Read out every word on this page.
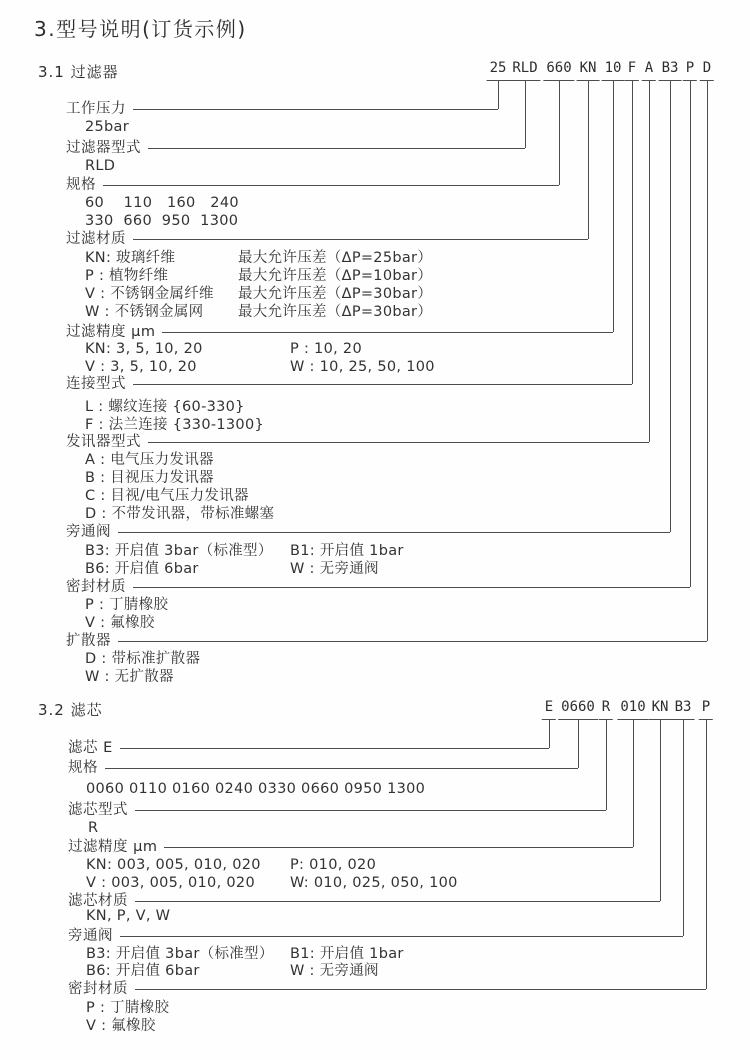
3.型号说明(订货示例)
3.1 过滤器	25 RLD 660 KN 10 F A B3 P D
工作压力
过滤器型式
规格
过滤材质
过滤精度 μm
连接型式
发讯器型式
旁通阀
密封材质
扩散器
25bar
RLD
60    110   160   240
330  660  950  1300
KN: 玻璃纤维	最大允许压差（ΔP=25bar）
P : 植物纤维	最大允许压差（ΔP=10bar）
V : 不锈钢金属纤维 最大允许压差（ΔP=30bar）
W : 不锈钢金属网 最大允许压差（ΔP=30bar）
KN: 3, 5, 10, 20	P : 10, 20
V : 3, 5, 10, 20	W : 10, 25, 50, 100
L : 螺纹连接 {60-330}
F : 法兰连接 {330-1300}
A : 电气压力发讯器
B : 目视压力发讯器
C : 目视/电气压力发讯器
D : 不带发讯器，带标准螺塞
B3: 开启值 3bar（标准型） B1: 开启值 1bar
B6: 开启值 6bar	W : 无旁通阀
P : 丁腈橡胶
V : 氟橡胶
D : 带标准扩散器
W : 无扩散器
3.2 滤芯	E 0660 R 010 KN B3 P
滤芯 E
规格
滤芯型式
过滤精度 μm
滤芯材质
旁通阀
密封材质
0060 0110 0160 0240 0330 0660 0950 1300
R
KN: 003, 005, 010, 020 P: 010, 020
V : 003, 005, 010, 020 W: 010, 025, 050, 100
KN, P, V, W
B3: 开启值 3bar（标准型） B1: 开启值 1bar
B6: 开启值 6bar	W : 无旁通阀
P : 丁腈橡胶
V : 氟橡胶
